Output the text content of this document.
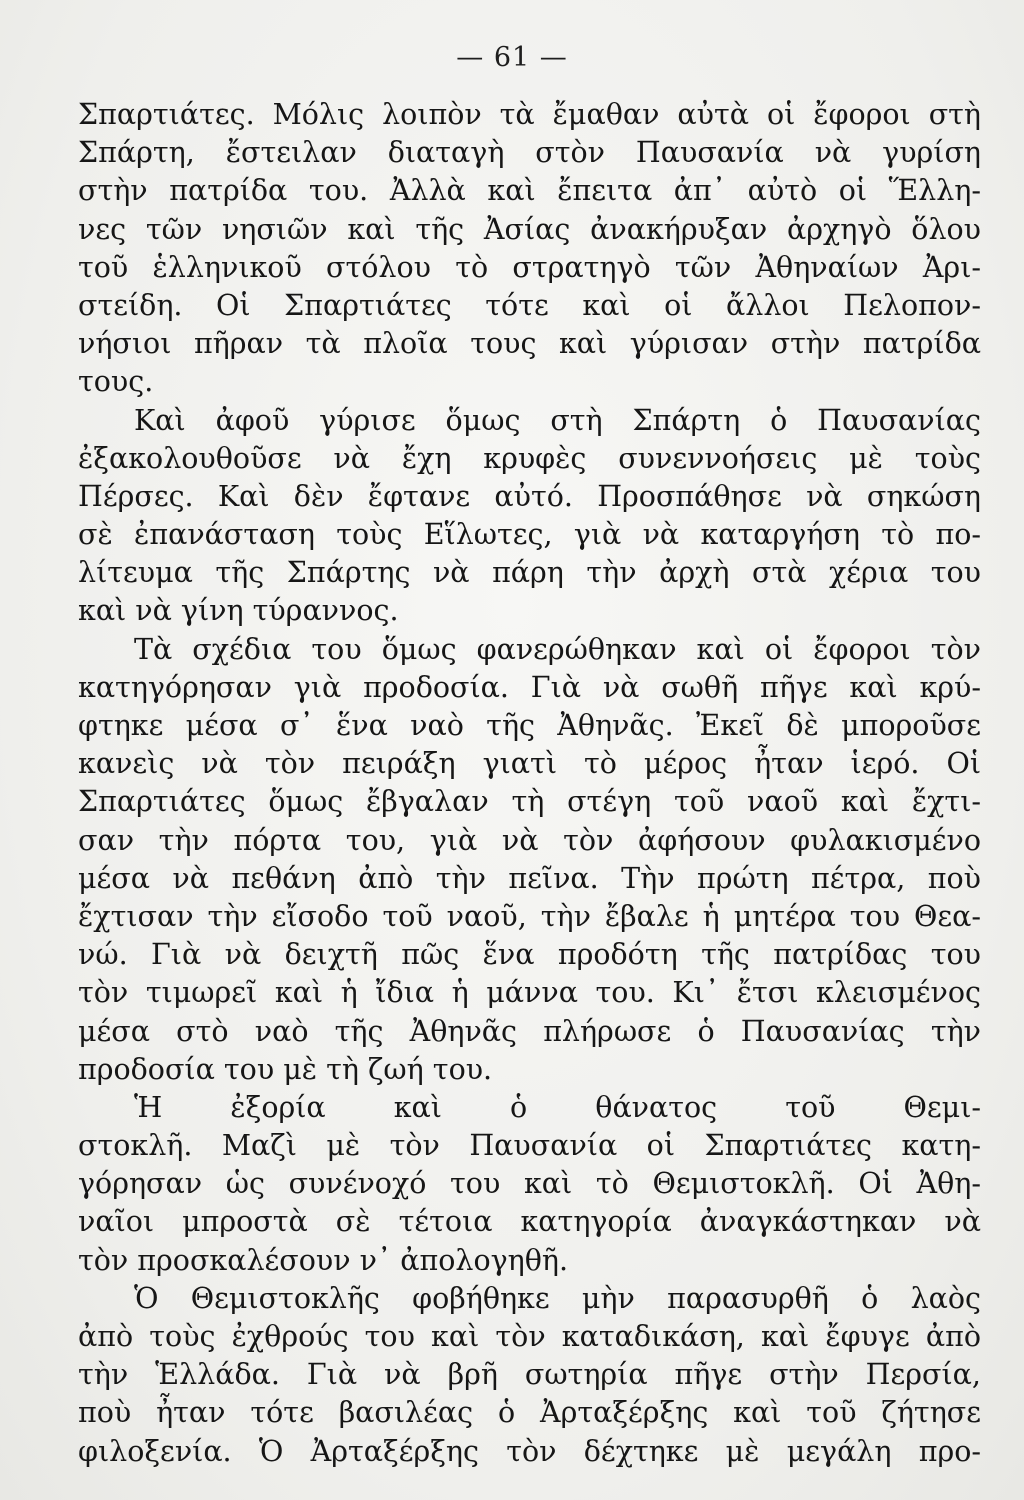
— 61 —
Σπαρτιάτες. Μόλις λοιπὸν τὰ ἔμαθαν αὐτὰ οἱ ἔφοροι στὴ
Σπάρτη, ἔστειλαν διαταγὴ στὸν Παυσανία νὰ γυρίση
στὴν πατρίδα του. Ἀλλὰ καὶ ἔπειτα ἀπ᾽ αὐτὸ οἱ Ἕλλη-
νες τῶν νησιῶν καὶ τῆς Ἀσίας ἀνακήρυξαν ἀρχηγὸ ὅλου
τοῦ ἑλληνικοῦ στόλου τὸ στρατηγὸ τῶν Ἀθηναίων Ἀρι-
στείδη. Οἱ Σπαρτιάτες τότε καὶ οἱ ἄλλοι Πελοπον-
νήσιοι πῆραν τὰ πλοῖα τους καὶ γύρισαν στὴν πατρίδα
τους.
Καὶ ἀφοῦ γύρισε ὅμως στὴ Σπάρτη ὁ Παυσανίας
ἐξακολουθοῦσε νὰ ἔχη κρυφὲς συνεννοήσεις μὲ τοὺς
Πέρσες. Καὶ δὲν ἔφτανε αὐτό. Προσπάθησε νὰ σηκώση
σὲ ἐπανάσταση τοὺς Εἵλωτες, γιὰ νὰ καταργήση τὸ πο-
λίτευμα τῆς Σπάρτης νὰ πάρη τὴν ἀρχὴ στὰ χέρια του
καὶ νὰ γίνη τύραννος.
Τὰ σχέδια του ὅμως φανερώθηκαν καὶ οἱ ἔφοροι τὸν
κατηγόρησαν γιὰ προδοσία. Γιὰ νὰ σωθῆ πῆγε καὶ κρύ-
φτηκε μέσα σ᾽ ἕνα ναὸ τῆς Ἀθηνᾶς. Ἐκεῖ δὲ μποροῦσε
κανεὶς νὰ τὸν πειράξη γιατὶ τὸ μέρος ἦταν ἱερό. Οἱ
Σπαρτιάτες ὅμως ἔβγαλαν τὴ στέγη τοῦ ναοῦ καὶ ἔχτι-
σαν τὴν πόρτα του, γιὰ νὰ τὸν ἀφήσουν φυλακισμένο
μέσα νὰ πεθάνη ἀπὸ τὴν πεῖνα. Τὴν πρώτη πέτρα, ποὺ
ἔχτισαν τὴν εἴσοδο τοῦ ναοῦ, τὴν ἔβαλε ἡ μητέρα του Θεα-
νώ. Γιὰ νὰ δειχτῆ πῶς ἕνα προδότη τῆς πατρίδας του
τὸν τιμωρεῖ καὶ ἡ ἴδια ἡ μάννα του. Κι᾽ ἔτσι κλεισμένος
μέσα στὸ ναὸ τῆς Ἀθηνᾶς πλήρωσε ὁ Παυσανίας τὴν
προδοσία του μὲ τὴ ζωή του.
Ἡ ἐξορία καὶ ὁ θάνατος τοῦ Θεμι-
στοκλῆ. Μαζὶ μὲ τὸν Παυσανία οἱ Σπαρτιάτες κατη-
γόρησαν ὡς συνένοχό του καὶ τὸ Θεμιστοκλῆ. Οἱ Ἀθη-
ναῖοι μπροστὰ σὲ τέτοια κατηγορία ἀναγκάστηκαν νὰ
τὸν προσκαλέσουν ν᾽ ἀπολογηθῆ.
Ὁ Θεμιστοκλῆς φοβήθηκε μὴν παρασυρθῆ ὁ λαὸς
ἀπὸ τοὺς ἐχθρούς του καὶ τὸν καταδικάση, καὶ ἔφυγε ἀπὸ
τὴν Ἑλλάδα. Γιὰ νὰ βρῆ σωτηρία πῆγε στὴν Περσία,
ποὺ ἦταν τότε βασιλέας ὁ Ἀρταξέρξης καὶ τοῦ ζήτησε
φιλοξενία. Ὁ Ἀρταξέρξης τὸν δέχτηκε μὲ μεγάλη προ-
